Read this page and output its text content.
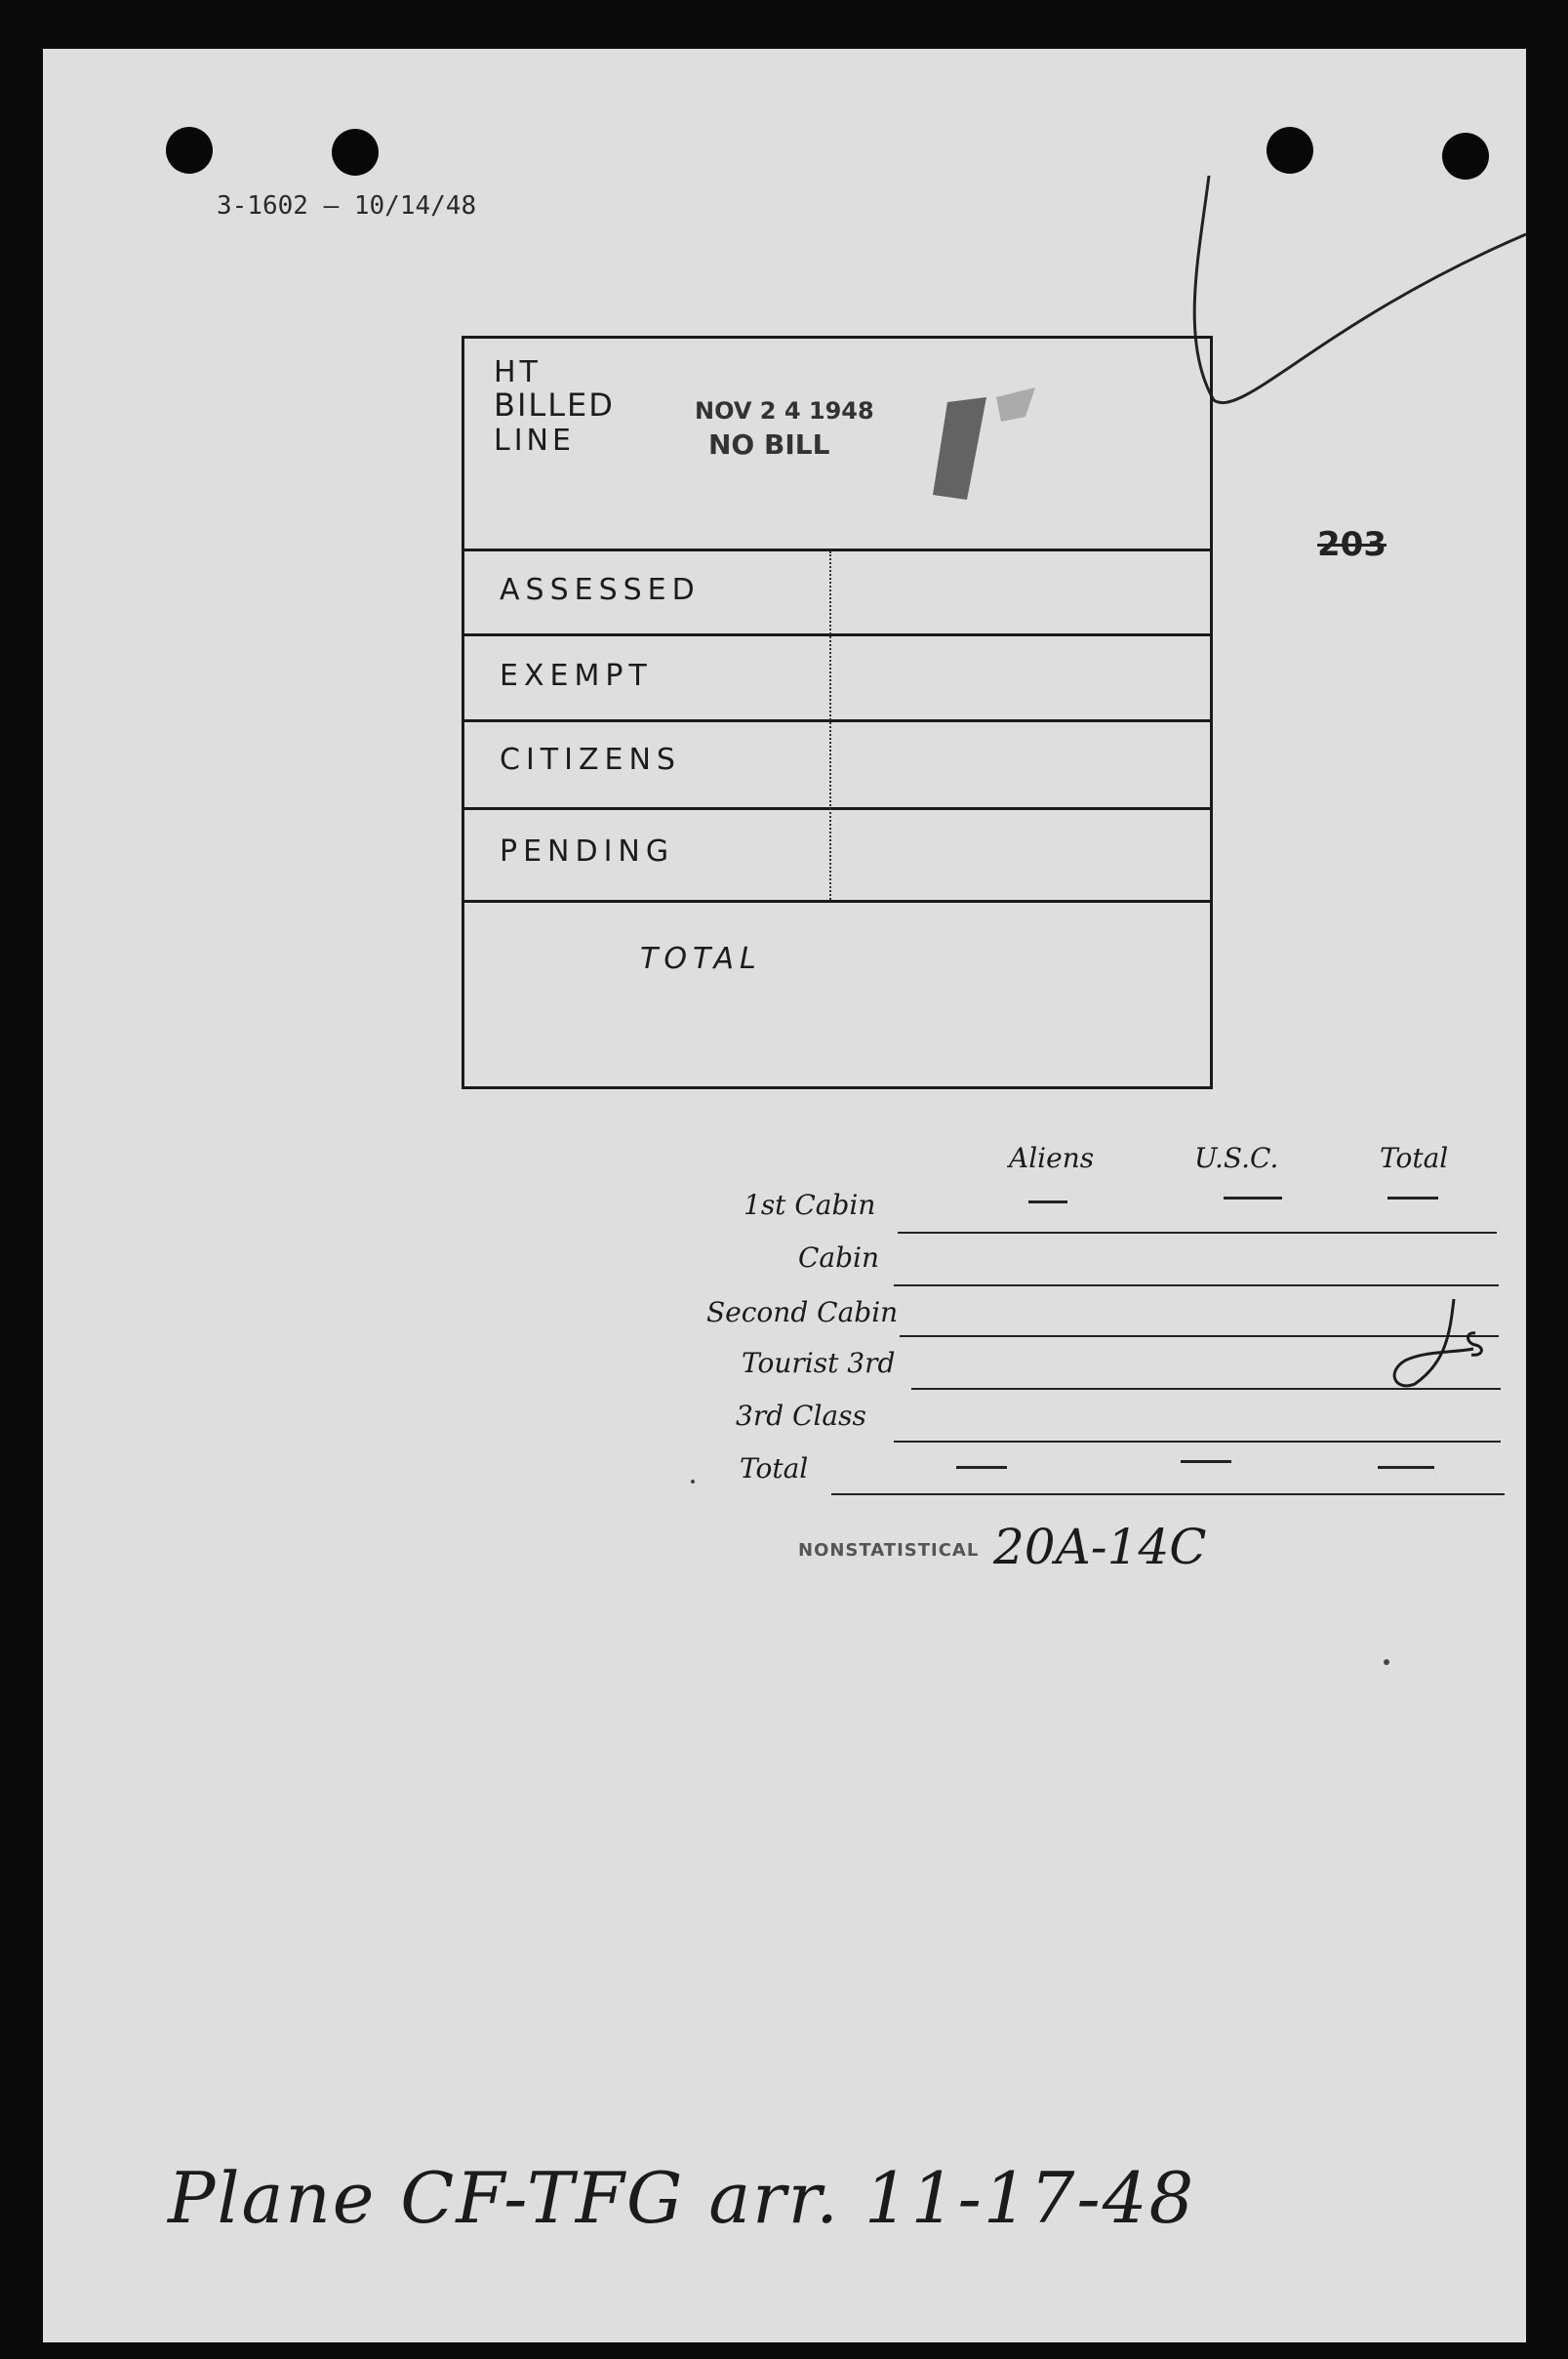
3-1602 — 10/14/48
HT
BILLED
LINE
NOV 2 4 1948
NO BILL
ASSESSED
EXEMPT
CITIZENS
PENDING
TOTAL
203
Aliens	U.S.C.	Total
1st Cabin
Cabin
Second Cabin
Tourist 3rd
3rd Class
Total
NONSTATISTICAL 20A-14C
Plane CF-TFG arr. 11-17-48
